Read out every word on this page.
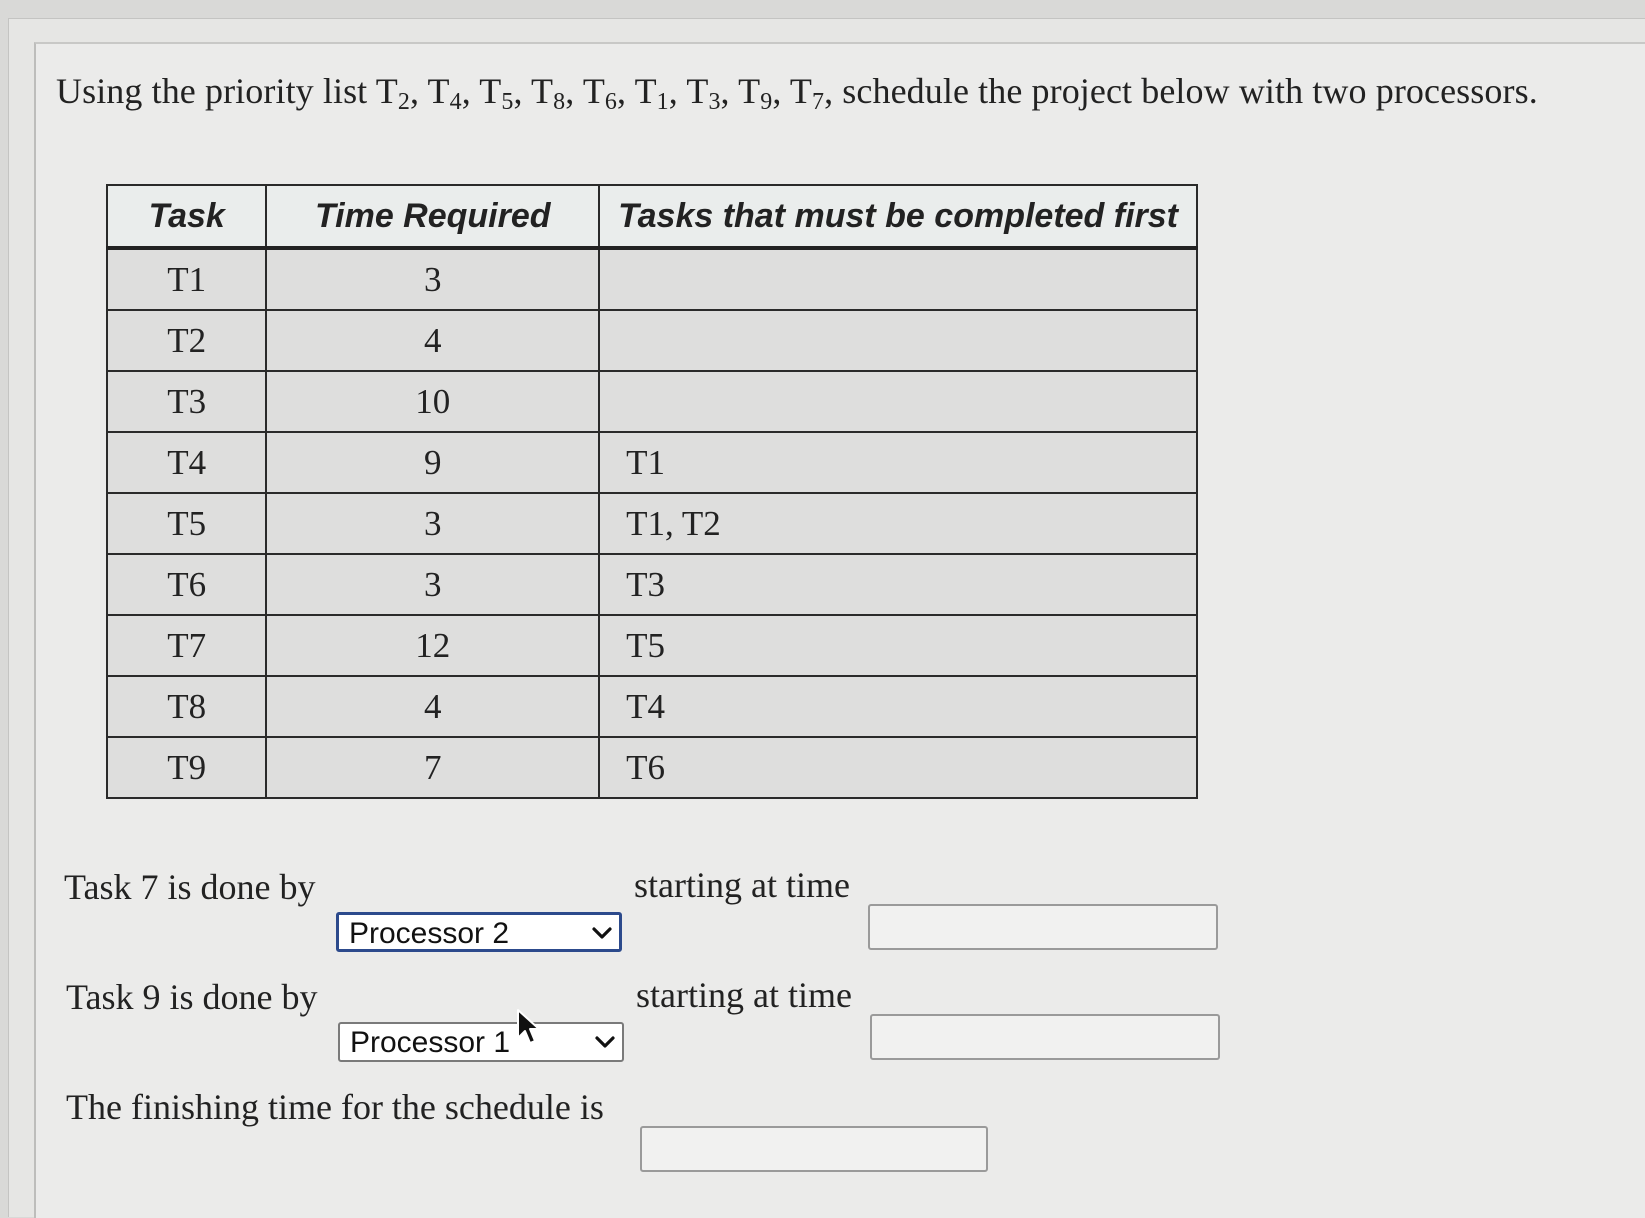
Using the priority list $T_2$, $T_4$, $T_5$, $T_8$, $T_6$, $T_1$, $T_3$, $T_9$, $T_7$, schedule the project below with two processors.
Task	Time Required	Tasks that must be completed first
T1	3	
T2	4	
T3	10	
T4	9	T1
T5	3	T1, T2
T6	3	T3
T7	12	T5
T8	4	T4
T9	7	T6
Task 7 is done by
Processor 2
starting at time
Task 9 is done by
Processor 1
starting at time
The finishing time for the schedule is
